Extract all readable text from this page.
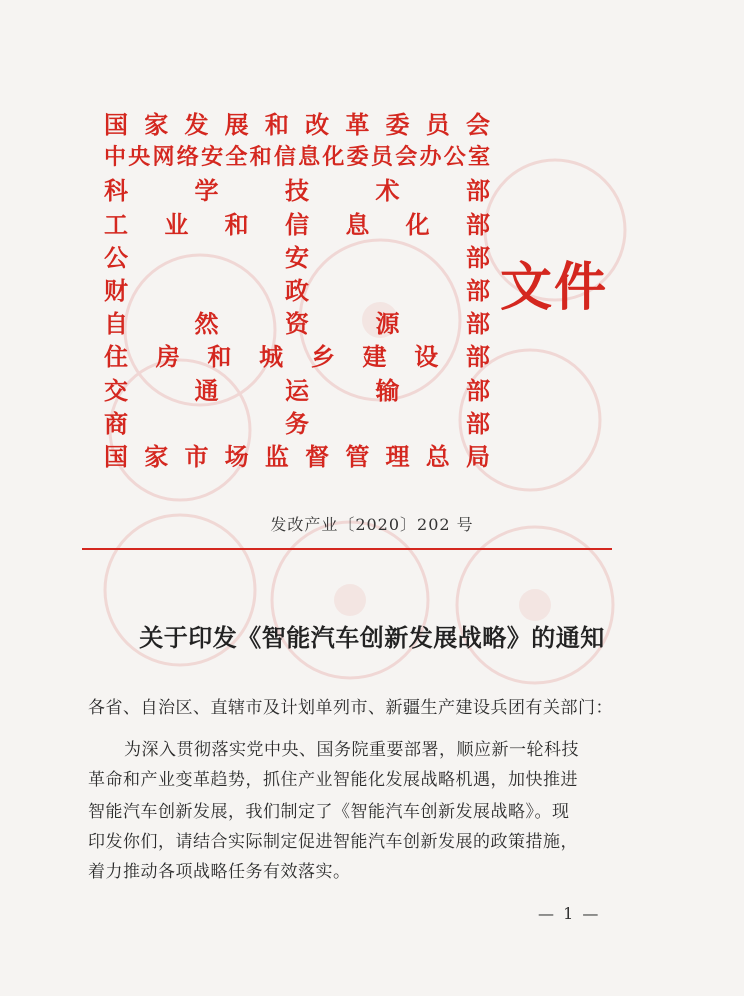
国 家 发 展 和 改 革 委 员 会
中 央 网 络 安 全 和 信 息 化 委 员 会 办 公 室
科	学	技	术	部
工 业 和 信 息 化 部
公	安	部
财	政	部
自	然	资	源	部
住 房 和 城 乡 建 设 部
交	通	运	输	部
商	务	部
国 家 市 场 监 督 管 理 总 局
文件
发改产业〔2020〕202 号
关于印发《智能汽车创新发展战略》的通知
各省、自治区、直辖市及计划单列市、新疆生产建设兵团有关部门：
为深入贯彻落实党中央、国务院重要部署，顺应新一轮科技
革命和产业变革趋势，抓住产业智能化发展战略机遇，加快推进
智能汽车创新发展，我们制定了《智能汽车创新发展战略》。现
印发你们，请结合实际制定促进智能汽车创新发展的政策措施，
着力推动各项战略任务有效落实。
— 1 —
